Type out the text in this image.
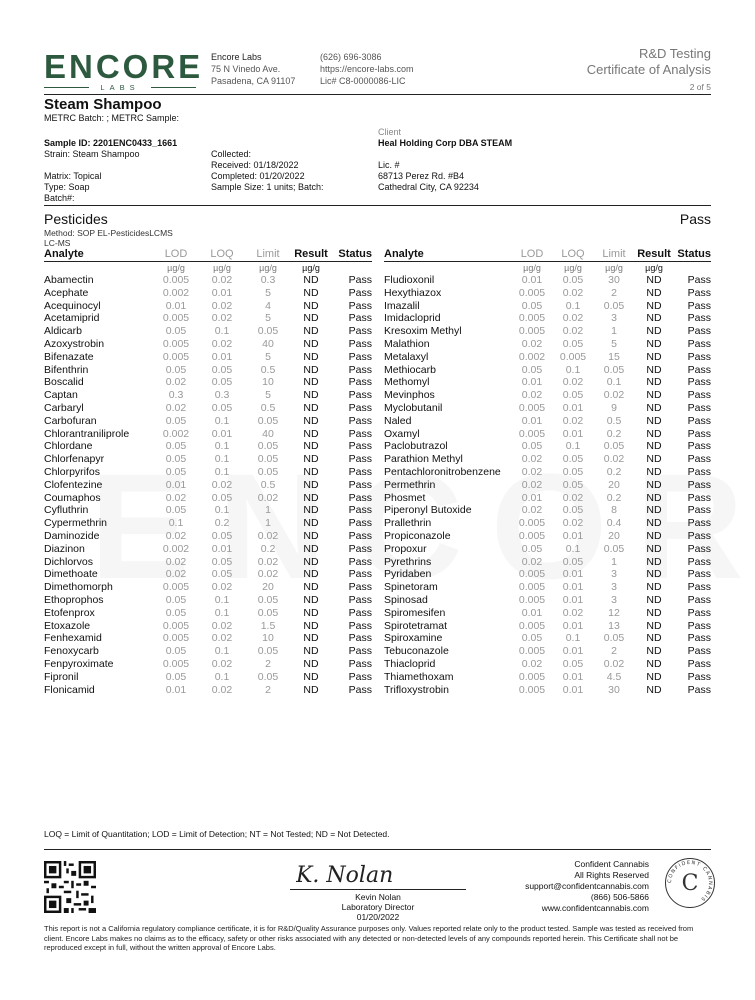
ENCORE
LABS
Encore Labs
75 N Vinedo Ave.
Pasadena, CA 91107
(626) 696-3086
https://encore-labs.com
Lic# C8-0000086-LIC
R&D Testing
Certificate of Analysis
2 of 5
Steam Shampoo
METRC Batch: ; METRC Sample:
Sample ID: 2201ENC0433_1661
Strain: Steam Shampoo
Matrix: Topical
Type: Soap
Batch#:
Collected:
Received: 01/18/2022
Completed: 01/20/2022
Sample Size: 1 units; Batch:
Client
Heal Holding Corp DBA STEAM
Lic. #
68713 Perez Rd. #B4
Cathedral City, CA 92234
Pesticides	Pass
Method: SOP EL-PesticidesLCMS
LC-MS
Analyte	LOD	LOQ	Limit	Result	Status
	µg/g	µg/g	µg/g	µg/g	
Abamectin	0.005	0.02	0.3	ND	Pass
Acephate	0.002	0.01	5	ND	Pass
Acequinocyl	0.01	0.02	4	ND	Pass
Acetamiprid	0.005	0.02	5	ND	Pass
Aldicarb	0.05	0.1	0.05	ND	Pass
Azoxystrobin	0.005	0.02	40	ND	Pass
Bifenazate	0.005	0.01	5	ND	Pass
Bifenthrin	0.05	0.05	0.5	ND	Pass
Boscalid	0.02	0.05	10	ND	Pass
Captan	0.3	0.3	5	ND	Pass
Carbaryl	0.02	0.05	0.5	ND	Pass
Carbofuran	0.05	0.1	0.05	ND	Pass
Chlorantraniliprole	0.002	0.01	40	ND	Pass
Chlordane	0.05	0.1	0.05	ND	Pass
Chlorfenapyr	0.05	0.1	0.05	ND	Pass
Chlorpyrifos	0.05	0.1	0.05	ND	Pass
Clofentezine	0.01	0.02	0.5	ND	Pass
Coumaphos	0.02	0.05	0.02	ND	Pass
Cyfluthrin	0.05	0.1	1	ND	Pass
Cypermethrin	0.1	0.2	1	ND	Pass
Daminozide	0.02	0.05	0.02	ND	Pass
Diazinon	0.002	0.01	0.2	ND	Pass
Dichlorvos	0.02	0.05	0.02	ND	Pass
Dimethoate	0.02	0.05	0.02	ND	Pass
Dimethomorph	0.005	0.02	20	ND	Pass
Ethoprophos	0.05	0.1	0.05	ND	Pass
Etofenprox	0.05	0.1	0.05	ND	Pass
Etoxazole	0.005	0.02	1.5	ND	Pass
Fenhexamid	0.005	0.02	10	ND	Pass
Fenoxycarb	0.05	0.1	0.05	ND	Pass
Fenpyroximate	0.005	0.02	2	ND	Pass
Fipronil	0.05	0.1	0.05	ND	Pass
Flonicamid	0.01	0.02	2	ND	Pass
Analyte	LOD	LOQ	Limit	Result	Status
	µg/g	µg/g	µg/g	µg/g	
Fludioxonil	0.01	0.05	30	ND	Pass
Hexythiazox	0.005	0.02	2	ND	Pass
Imazalil	0.05	0.1	0.05	ND	Pass
Imidacloprid	0.005	0.02	3	ND	Pass
Kresoxim Methyl	0.005	0.02	1	ND	Pass
Malathion	0.02	0.05	5	ND	Pass
Metalaxyl	0.002	0.005	15	ND	Pass
Methiocarb	0.05	0.1	0.05	ND	Pass
Methomyl	0.01	0.02	0.1	ND	Pass
Mevinphos	0.02	0.05	0.02	ND	Pass
Myclobutanil	0.005	0.01	9	ND	Pass
Naled	0.01	0.02	0.5	ND	Pass
Oxamyl	0.005	0.01	0.2	ND	Pass
Paclobutrazol	0.05	0.1	0.05	ND	Pass
Parathion Methyl	0.02	0.05	0.02	ND	Pass
Pentachloronitrobenzene	0.02	0.05	0.2	ND	Pass
Permethrin	0.02	0.05	20	ND	Pass
Phosmet	0.01	0.02	0.2	ND	Pass
Piperonyl Butoxide	0.02	0.05	8	ND	Pass
Prallethrin	0.005	0.02	0.4	ND	Pass
Propiconazole	0.005	0.01	20	ND	Pass
Propoxur	0.05	0.1	0.05	ND	Pass
Pyrethrins	0.02	0.05	1	ND	Pass
Pyridaben	0.005	0.01	3	ND	Pass
Spinetoram	0.005	0.01	3	ND	Pass
Spinosad	0.005	0.01	3	ND	Pass
Spiromesifen	0.01	0.02	12	ND	Pass
Spirotetramat	0.005	0.01	13	ND	Pass
Spiroxamine	0.05	0.1	0.05	ND	Pass
Tebuconazole	0.005	0.01	2	ND	Pass
Thiacloprid	0.02	0.05	0.02	ND	Pass
Thiamethoxam	0.005	0.01	4.5	ND	Pass
Trifloxystrobin	0.005	0.01	30	ND	Pass
LOQ = Limit of Quantitation; LOD = Limit of Detection; NT = Not Tested; ND = Not Detected.
K. Nolan
Kevin Nolan
Laboratory Director
01/20/2022
Confident Cannabis
All Rights Reserved
support@confidentcannabis.com
(866) 506-5866
www.confidentcannabis.com
CONFIDENT CANNABIS
C
This report is not a California regulatory compliance certificate, it is for R&D/Quality Assurance purposes only. Values reported relate only to the product tested. Sample was tested as received from client. Encore Labs makes no claims as to the efficacy, safety or other risks associated with any detected or non-detected levels of any compounds reported herein. This Certificate shall not be reproduced except in full, without the written approval of Encore Labs.
